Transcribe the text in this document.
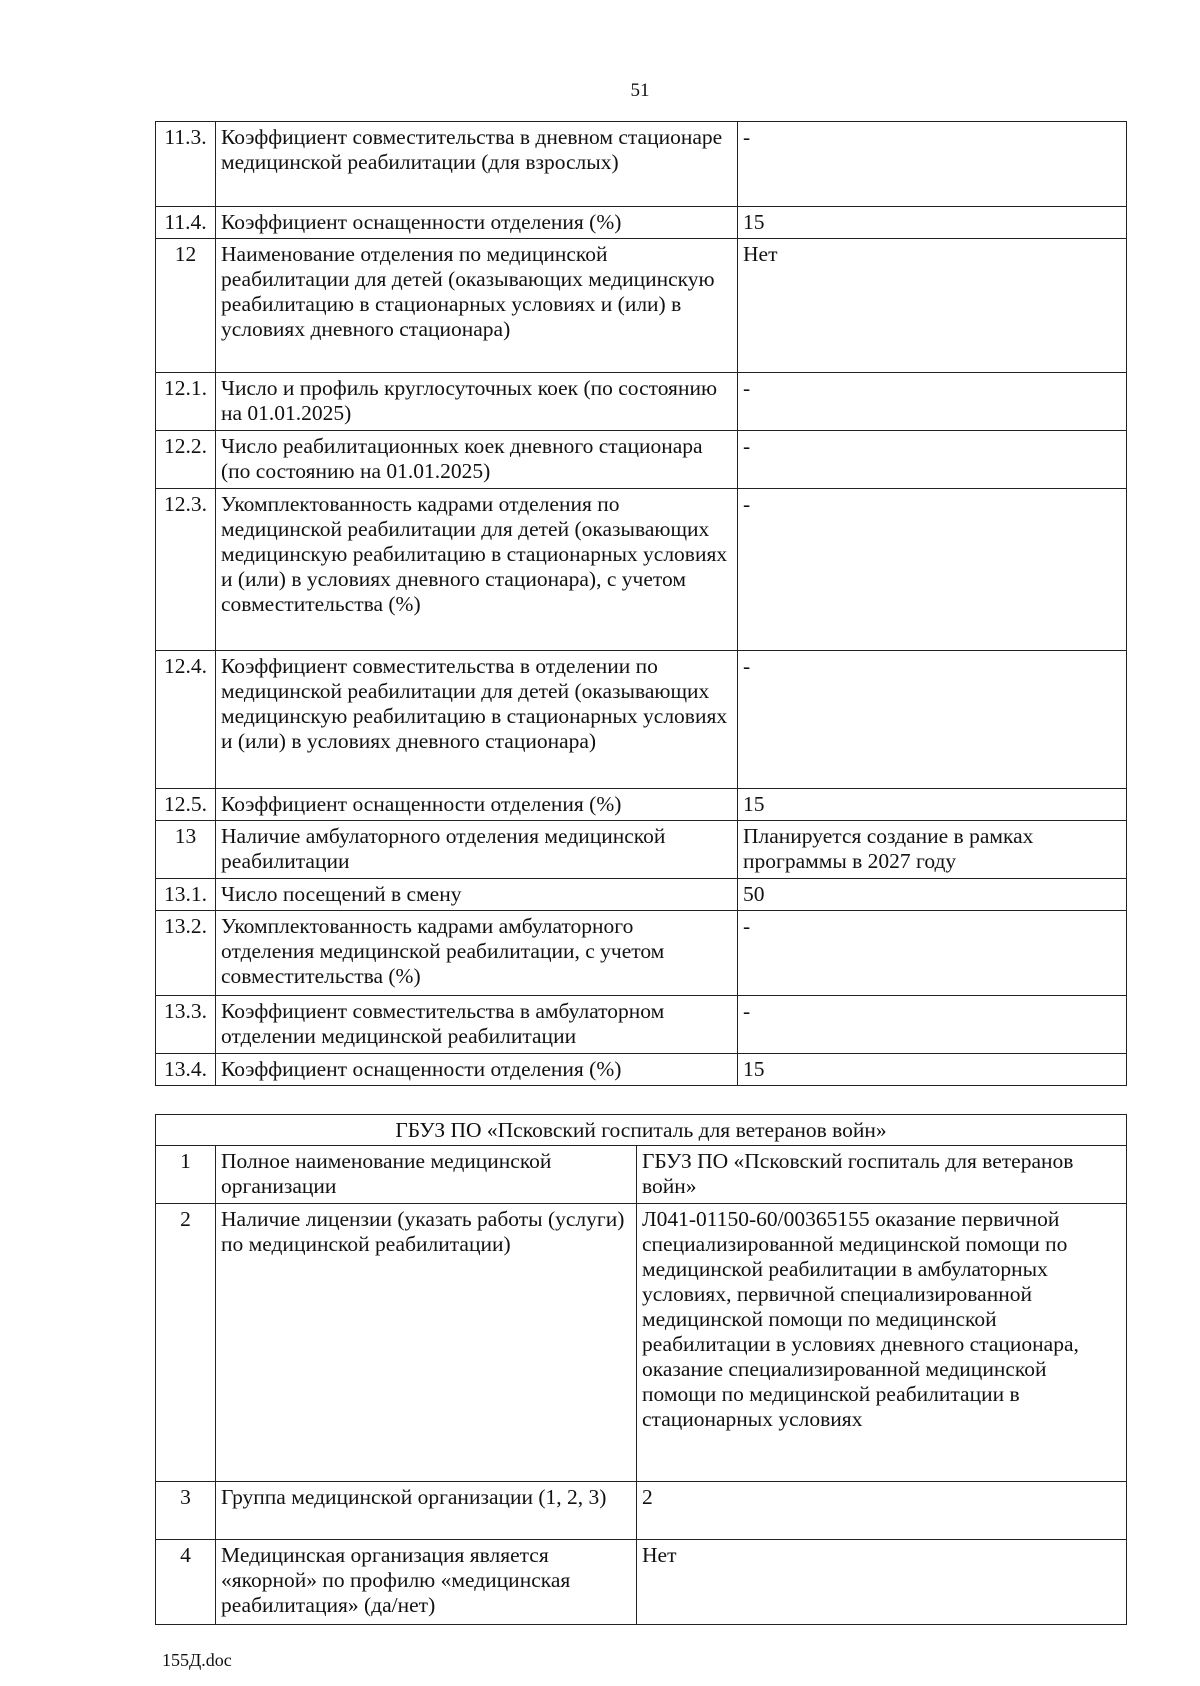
51
11.3.	Коэффициент совместительства в дневном стационаре медицинской реабилитации (для взрослых)	-
11.4.	Коэффициент оснащенности отделения (%)	15
12	Наименование отделения по медицинской реабилитации для детей (оказывающих медицинскую реабилитацию в стационарных условиях и (или) в условиях дневного стационара)	Нет
12.1.	Число и профиль круглосуточных коек (по состоянию на 01.01.2025)	-
12.2.	Число реабилитационных коек дневного стационара (по состоянию на 01.01.2025)	-
12.3.	Укомплектованность кадрами отделения по медицинской реабилитации для детей (оказывающих медицинскую реабилитацию в стационарных условиях и (или) в условиях дневного стационара), с учетом совместительства (%)	-
12.4.	Коэффициент совместительства в отделении по медицинской реабилитации для детей (оказывающих медицинскую реабилитацию в стационарных условиях и (или) в условиях дневного стационара)	-
12.5.	Коэффициент оснащенности отделения (%)	15
13	Наличие амбулаторного отделения медицинской реабилитации	Планируется создание в рамках программы в 2027 году
13.1.	Число посещений в смену	50
13.2.	Укомплектованность кадрами амбулаторного отделения медицинской реабилитации, с учетом совместительства (%)	-
13.3.	Коэффициент совместительства в амбулаторном отделении медицинской реабилитации	-
13.4.	Коэффициент оснащенности отделения (%)	15
ГБУЗ ПО «Псковский госпиталь для ветеранов войн»		
1	Полное наименование медицинской организации	ГБУЗ ПО «Псковский госпиталь для ветеранов войн»
2	Наличие лицензии (указать работы (услуги) по медицинской реабилитации)	Л041-01150-60/00365155 оказание первичной специализированной медицинской помощи по медицинской реабилитации в амбулаторных условиях, первичной специализированной медицинской помощи по медицинской реабилитации в условиях дневного стационара, оказание специализированной медицинской помощи по медицинской реабилитации в стационарных условиях
3	Группа медицинской организации (1, 2, 3)	2
4	Медицинская организация является «якорной» по профилю «медицинская реабилитация» (да/нет)	Нет
155Д.doc
